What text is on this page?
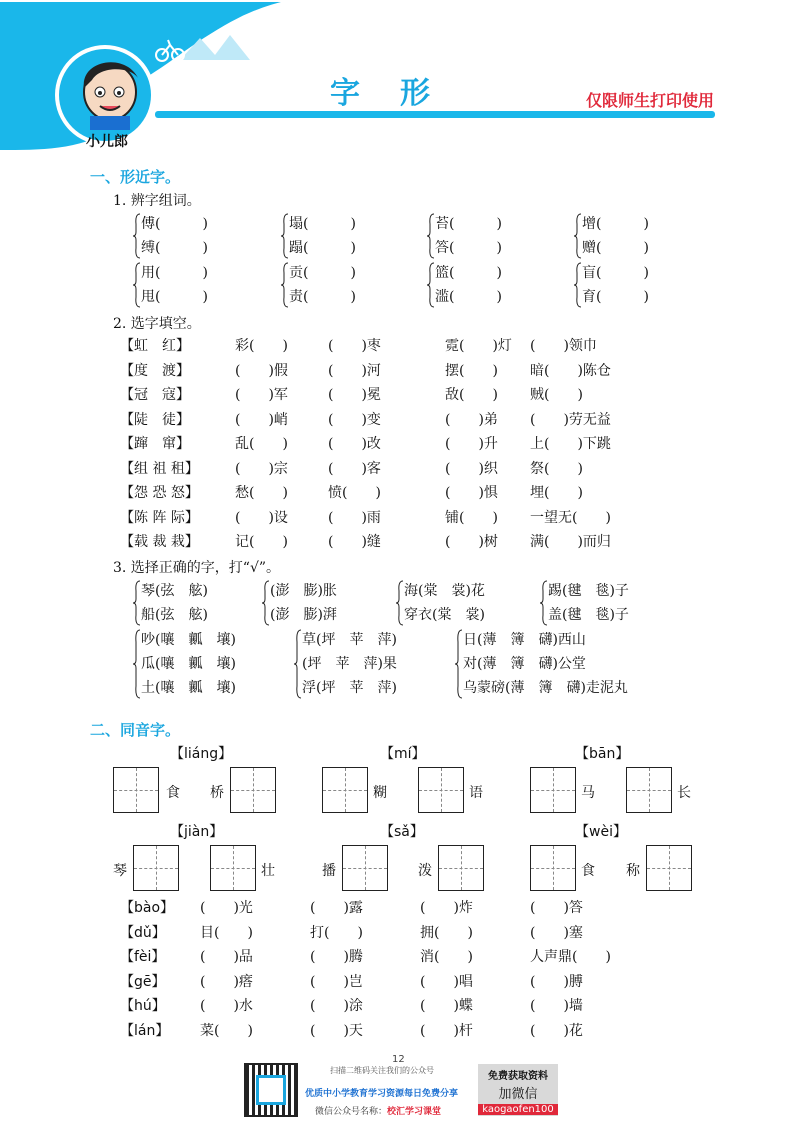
字形	仅限师生打印使用
小儿郎
一、形近字。
1. 辨字组词。
傅(　　　)
缚(　　　)
塌(　　　)
蹋(　　　)
苔(　　　)
答(　　　)
增(　　　)
赠(　　　)
用(　　　)
甩(　　　)
贡(　　　)
责(　　　)
篮(　　　)
滥(　　　)
盲(　　　)
育(　　　)
2. 选字填空。
【虹　红】	彩(　　)	(　　)枣	霓(　　)灯 (　　)领巾
【度　渡】	(　　)假	(　　)河	摆(　　) 暗(　　)陈仓
【冠　寇】	(　　)军	(　　)冕	敌(　　) 贼(　　)
【陡　徒】	(　　)峭	(　　)变	(　　)弟 (　　)劳无益
【蹿　窜】	乱(　　)	(　　)改	(　　)升 上(　　)下跳
【组 祖 租】	(　　)宗	(　　)客	(　　)织 祭(　　)
【怨 恐 怒】	愁(　　)	愤(　　)	(　　)惧 埋(　　)
【陈 阵 际】	(　　)设	(　　)雨	铺(　　) 一望无(　　)
【载 裁 栽】	记(　　)	(　　)缝	(　　)树 满(　　)而归
3. 选择正确的字，打“√”。
琴(弦　舷)
船(弦　舷)
(澎　膨)胀
(澎　膨)湃
海(棠　裳)花
穿衣(棠　裳)
踢(毽　毯)子
盖(毽　毯)子
吵(嚷　瓤　壤)
瓜(嚷　瓤　壤)
土(嚷　瓤　壤)
草(坪　苹　萍)
(坪　苹　萍)果
浮(坪　苹　萍)
日(薄　簿　礴)西山
对(薄　簿　礴)公堂
乌蒙磅(薄　簿　礴)走泥丸
二、同音字。
【liáng】	【mí】	【bān】
食 桥	糊	语	马	长
【jiàn】	【sǎ】	【wèi】
琴	壮	播	泼	食 称
【bào】 (　　)光	(　　)露	(　　)炸	(　　)答
【dǔ】 目(　　)	打(　　)	拥(　　)	(　　)塞
【fèi】 (　　)品	(　　)腾	消(　　)	人声鼎(　　)
【gē】 (　　)瘩	(　　)岂	(　　)唱	(　　)膊
【hú】 (　　)水	(　　)涂	(　　)蝶	(　　)墙
【lán】 菜(　　)	(　　)天	(　　)杆	(　　)花
12
扫描二维码关注我们的公众号
优质中小学教育学习资源每日免费分享
微信公众号名称：校汇学习课堂
免费获取资料
加微信
kaogaofen100
